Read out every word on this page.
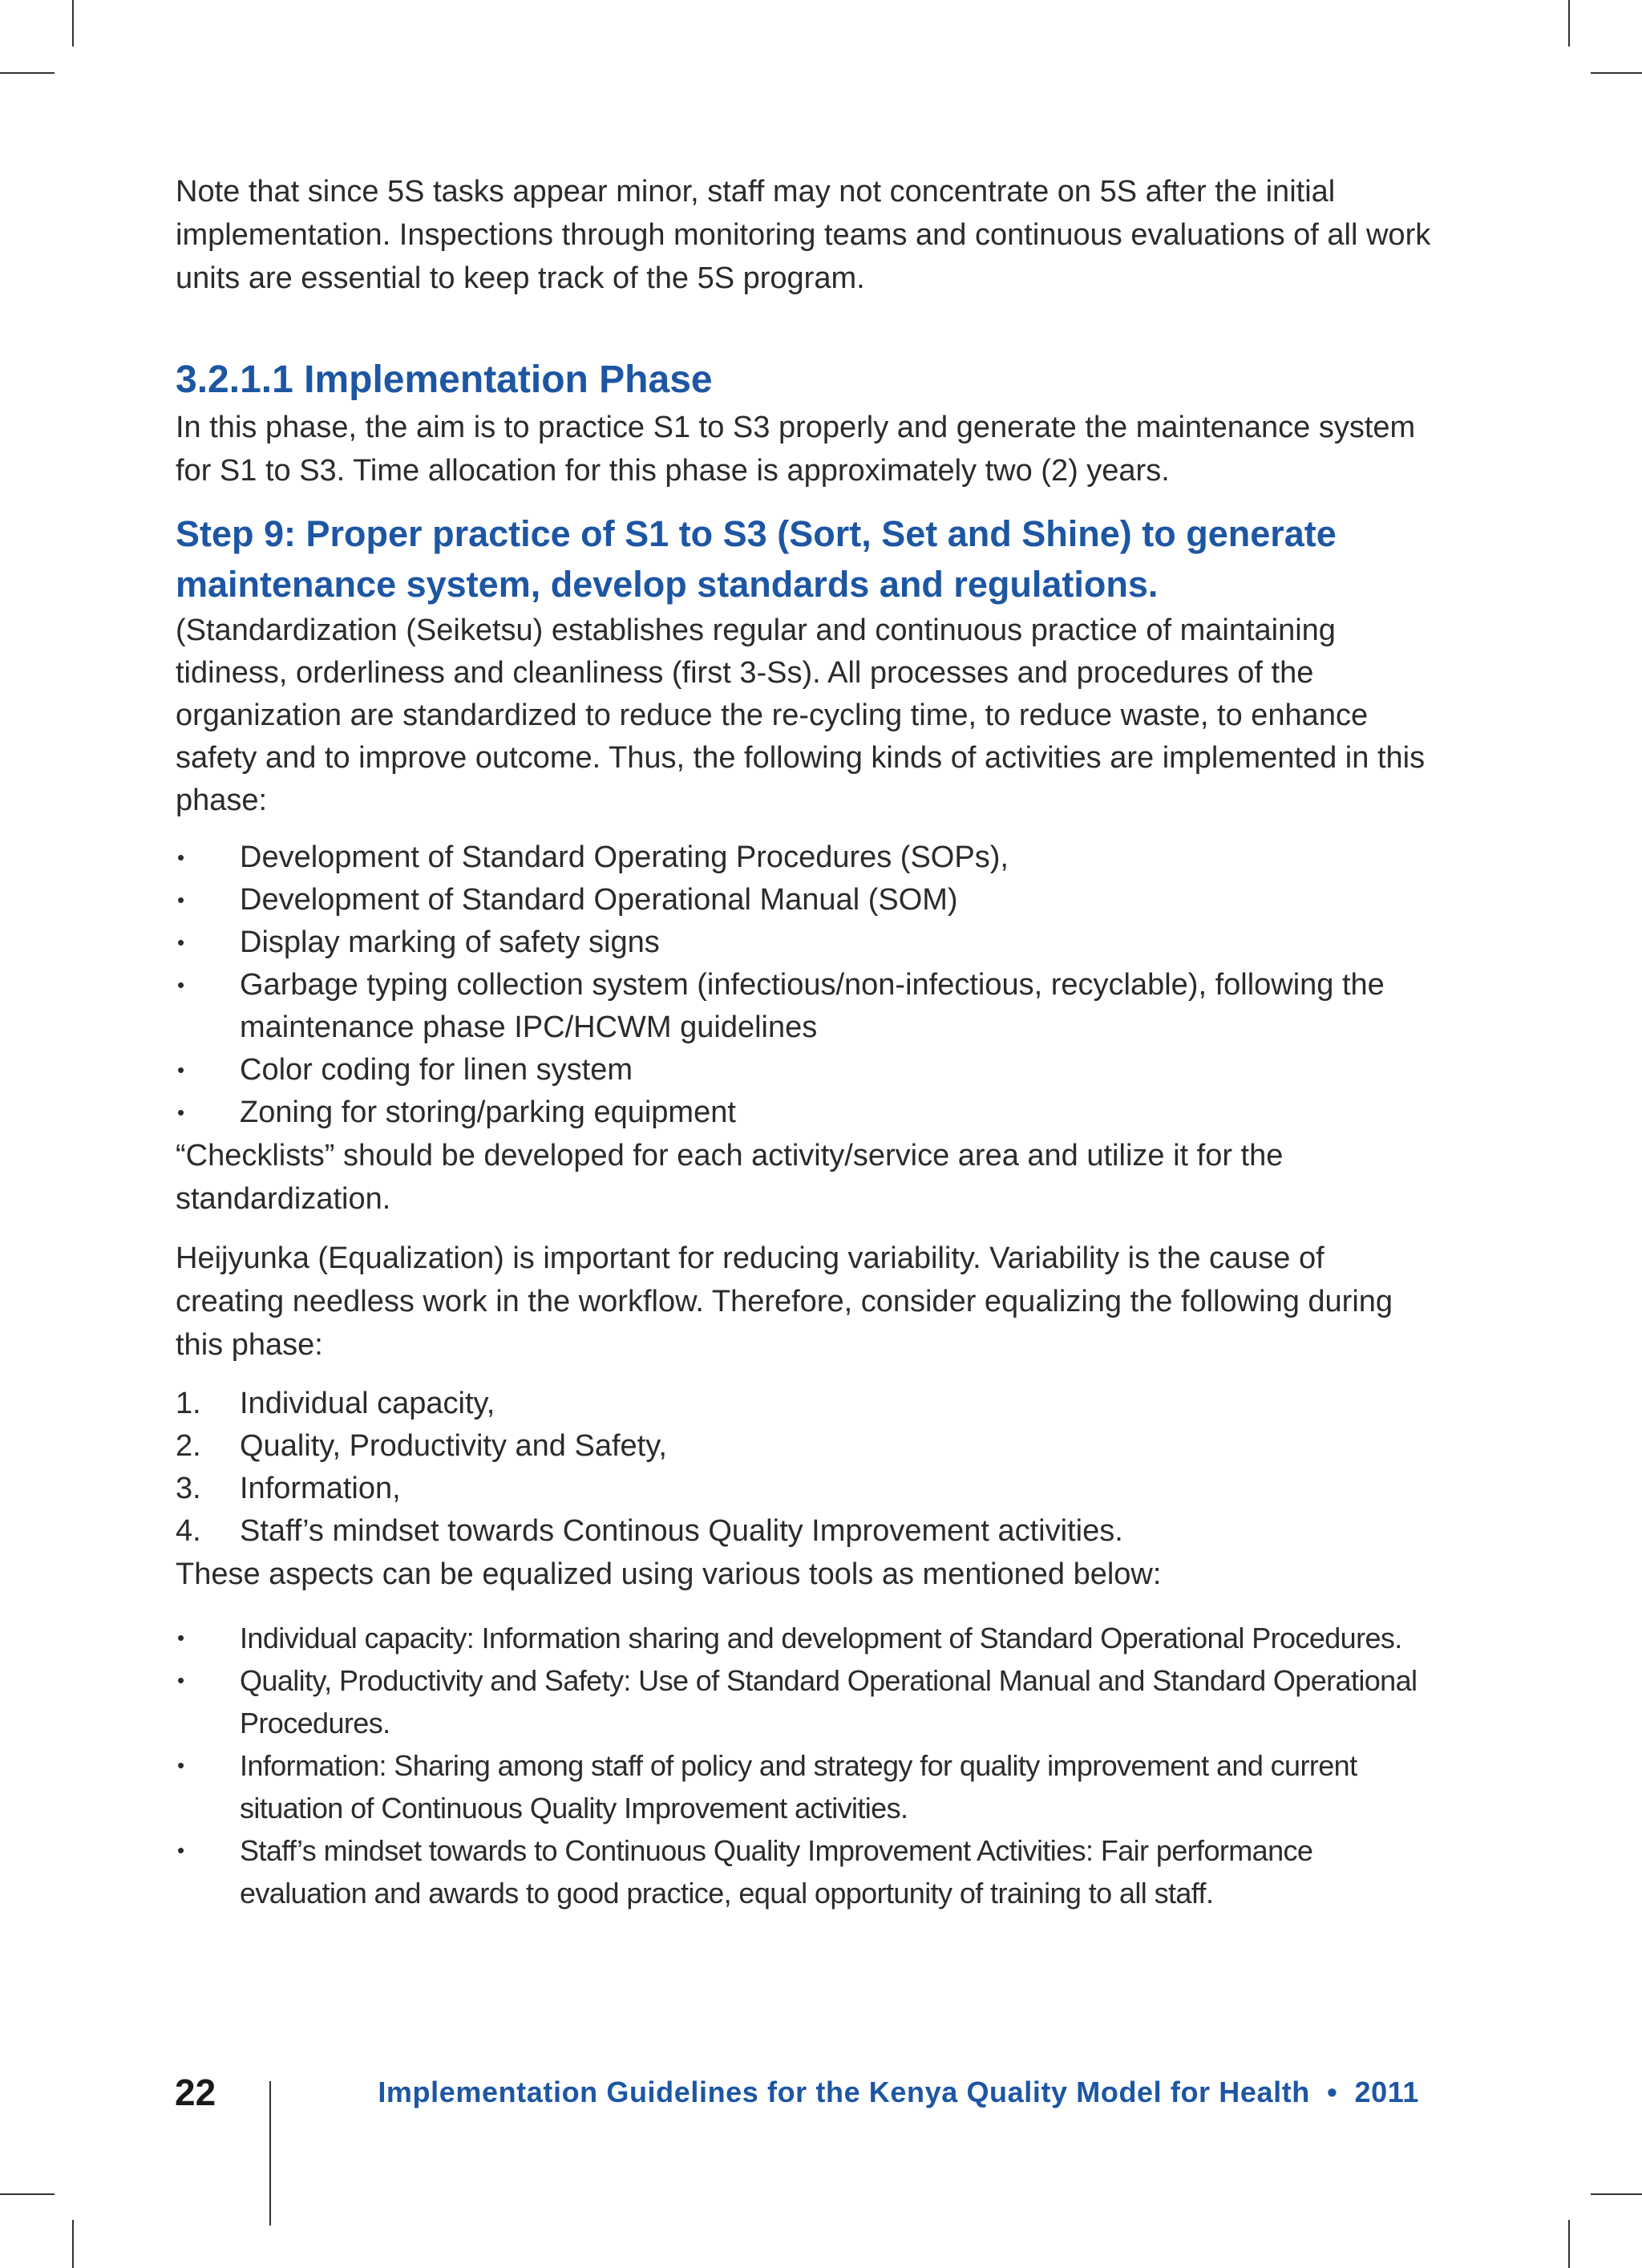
Note that since 5S tasks appear minor, staff may not concentrate on 5S after the initial implementation. Inspections through monitoring teams and continuous evaluations of all work units are essential to keep track of the 5S program.

3.2.1.1 Implementation Phase

In this phase, the aim is to practice S1 to S3 properly and generate the maintenance system for S1 to S3. Time allocation for this phase is approximately two (2) years.

Step 9: Proper practice of S1 to S3 (Sort, Set and Shine) to generate maintenance system, develop standards and regulations.

(Standardization (Seiketsu) establishes regular and continuous practice of maintaining tidiness, orderliness and cleanliness (first 3-Ss). All processes and procedures of the organization are standardized to reduce the re-cycling time, to reduce waste, to enhance safety and to improve outcome. Thus, the following kinds of activities are implemented in this phase:

• Development of Standard Operating Procedures (SOPs),
• Development of Standard Operational Manual (SOM)
• Display marking of safety signs
• Garbage typing collection system (infectious/non-infectious, recyclable), following the maintenance phase IPC/HCWM guidelines
• Color coding for linen system
• Zoning for storing/parking equipment

“Checklists” should be developed for each activity/service area and utilize it for the standardization.

Heijyunka (Equalization) is important for reducing variability. Variability is the cause of creating needless work in the workflow. Therefore, consider equalizing the following during this phase:

1. Individual capacity,
2. Quality, Productivity and Safety,
3. Information,
4. Staff’s mindset towards Continous Quality Improvement activities.

These aspects can be equalized using various tools as mentioned below:

• Individual capacity: Information sharing and development of Standard Operational Procedures.
• Quality, Productivity and Safety: Use of Standard Operational Manual and Standard Operational Procedures.
• Information: Sharing among staff of policy and strategy for quality improvement and current situation of Continuous Quality Improvement activities.
• Staff’s mindset towards to Continuous Quality Improvement Activities: Fair performance evaluation and awards to good practice, equal opportunity of training to all staff.
22	Implementation Guidelines for the Kenya Quality Model for Health  •  2011
